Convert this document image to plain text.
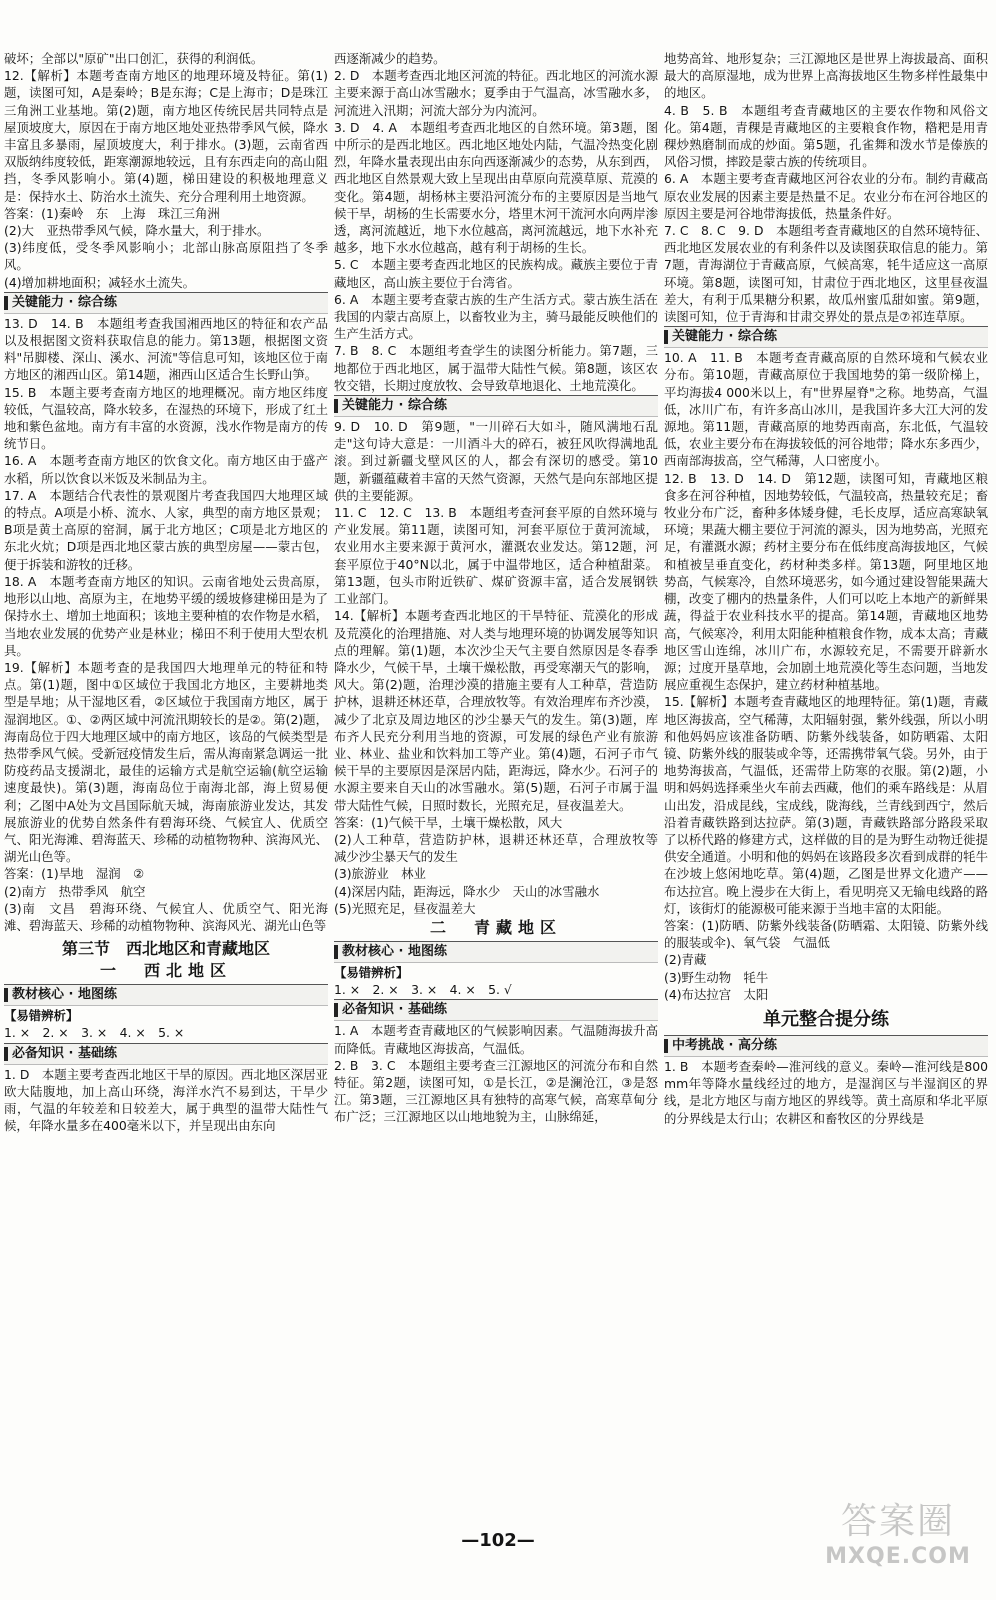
破坏；全部以"原矿"出口创汇，获得的利润低。

12.【解析】本题考查南方地区的地理环境及特征。第(1)题，读图可知，A是秦岭；B是东海；C是上海市；D是珠江三角洲工业基地。第(2)题，南方地区传统民居共同特点是屋顶坡度大，原因在于南方地区地处亚热带季风气候，降水丰富且多暴雨，屋顶坡度大，利于排水。(3)题，云南省西双版纳纬度较低，距寒潮源地较远，且有东西走向的高山阻挡，冬季风影响小。第(4)题，梯田建设的积极地理意义是：保持水土、防治水土流失、充分合理利用土地资源。

答案：(1)秦岭　东　上海　珠江三角洲

(2)大　亚热带季风气候，降水量大，利于排水。

(3)纬度低，受冬季风影响小；北部山脉高原阻挡了冬季风。

(4)增加耕地面积；减轻水土流失。

关键能力 · 综合练

13. D　14. B　本题组考查我国湘西地区的特征和农产品以及根据图文资料获取信息的能力。第13题，根据图文资料"吊脚楼、深山、溪水、河流"等信息可知，该地区位于南方地区的湘西山区。第14题，湘西山区适合生长野山笋。

15. B　本题主要考查南方地区的地理概况。南方地区纬度较低，气温较高，降水较多，在湿热的环境下，形成了红土地和紫色盆地。南方有丰富的水资源，浅水作物是南方的传统节日。

16. A　本题考查南方地区的饮食文化。南方地区由于盛产水稻，所以饮食以米饭及米制品为主。

17. A　本题结合代表性的景观图片考查我国四大地理区域的特点。A项是小桥、流水、人家，典型的南方地区景观；B项是黄土高原的窑洞，属于北方地区；C项是北方地区的东北火炕；D项是西北地区蒙古族的典型房屋——蒙古包，便于拆装和游牧的迁移。

18. A　本题考查南方地区的知识。云南省地处云贵高原，地形以山地、高原为主，在地势平缓的缓坡修建梯田是为了保持水土、增加土地面积；该地主要种植的农作物是水稻，当地农业发展的优势产业是林业；梯田不利于使用大型农机具。

19.【解析】本题考查的是我国四大地理单元的特征和特点。第(1)题，图中①区域位于我国北方地区，主要耕地类型是旱地；从干湿地区看，②区域位于我国南方地区，属于湿润地区。①、②两区域中河流汛期较长的是②。第(2)题，海南岛位于四大地理区域中的南方地区，该岛的气候类型是热带季风气候。受新冠疫情发生后，需从海南紧急调运一批防疫药品支援湖北，最佳的运输方式是航空运输(航空运输速度最快)。第(3)题，海南岛位于南海北部，海上贸易便利；乙图中A处为文昌国际航天城，海南旅游业发达，其发展旅游业的优势自然条件有碧海环绕、气候宜人、优质空气、阳光海滩、碧海蓝天、珍稀的动植物物种、滨海风光、湖光山色等。

答案：(1)旱地　湿润　②

(2)南方　热带季风　航空

(3)南　文昌　碧海环绕、气候宜人、优质空气、阳光海滩、碧海蓝天、珍稀的动植物物种、滨海风光、湖光山色等

第三节　西北地区和青藏地区
一　西北地区
教材核心 · 地图练
【易错辨析】

1. ×　2. ×　3. ×　4. ×　5. ×

必备知识 · 基础练

1. D　本题主要考查西北地区干旱的原因。西北地区深居亚欧大陆腹地，加上高山环绕，海洋水汽不易到达，干旱少雨，气温的年较差和日较差大，属于典型的温带大陆性气候，年降水量多在400毫米以下，并呈现出由东向

西逐渐减少的趋势。

2. D　本题考查西北地区河流的特征。西北地区的河流水源主要来源于高山冰雪融水；夏季由于气温高，冰雪融水多，河流进入汛期；河流大部分为内流河。

3. D　4. A　本题组考查西北地区的自然环境。第3题，图中所示的是西北地区。西北地区地处内陆，气温冷热变化剧烈，年降水量表现出由东向西逐渐减少的态势，从东到西，西北地区自然景观大致上呈现出由草原向荒漠草原、荒漠的变化。第4题，胡杨林主要沿河流分布的主要原因是当地气候干旱，胡杨的生长需要水分，塔里木河干流河水向两岸渗透，离河流越近，地下水位越高，离河流越远，地下水补充越多，地下水水位越高，越有利于胡杨的生长。

5. C　本题主要考查西北地区的民族构成。藏族主要位于青藏地区，高山族主要位于台湾省。

6. A　本题主要考查蒙古族的生产生活方式。蒙古族生活在我国的内蒙古高原上，以畜牧业为主，骑马最能反映他们的生产生活方式。

7. B　8. C　本题组考查学生的读图分析能力。第7题，三地都位于西北地区，属于温带大陆性气候。第8题，该区农牧交错，长期过度放牧、会导致草地退化、土地荒漠化。

关键能力 · 综合练

9. D　10. D　第9题，"一川碎石大如斗，随风满地石乱走"这句诗大意是：一川酒斗大的碎石，被狂风吹得满地乱滚。到过新疆戈壁风区的人，都会有深切的感受。第10题，新疆蕴藏着丰富的天然气资源，天然气是向东部地区提供的主要能源。

11. C　12. C　13. B　本题组考查河套平原的自然环境与产业发展。第11题，读图可知，河套平原位于黄河流域，农业用水主要来源于黄河水，灌溉农业发达。第12题，河套平原位于40°N以北，属于中温带地区，适合种植甜菜。第13题，包头市附近铁矿、煤矿资源丰富，适合发展钢铁工业部门。

14.【解析】本题考查西北地区的干旱特征、荒漠化的形成及荒漠化的治理措施、对人类与地理环境的协调发展等知识点的理解。第(1)题，本次沙尘天气主要自然原因是冬春季降水少，气候干旱，土壤干燥松散，再受寒潮天气的影响，风大。第(2)题，治理沙漠的措施主要有人工种草，营造防护林，退耕还林还草，合理放牧等。有效治理库布齐沙漠，减少了北京及周边地区的沙尘暴天气的发生。第(3)题，库布齐人民充分利用当地的资源，可发展的绿色产业有旅游业、林业、盐业和饮料加工等产业。第(4)题，石河子市气候干旱的主要原因是深居内陆，距海远，降水少。石河子的水源主要来自天山的冰雪融水。第(5)题，石河子市属于温带大陆性气候，日照时数长，光照充足，昼夜温差大。

答案：(1)气候干旱，土壤干燥松散，风大

(2)人工种草，营造防护林，退耕还林还草，合理放牧等　减少沙尘暴天气的发生

(3)旅游业　林业

(4)深居内陆，距海远，降水少　天山的冰雪融水

(5)光照充足，昼夜温差大

二　青藏地区
教材核心 · 地图练
【易错辨析】

1. ×　2. ×　3. ×　4. ×　5. √

必备知识 · 基础练

1. A　本题考查青藏地区的气候影响因素。气温随海拔升高而降低。青藏地区海拔高，气温低。

2. B　3. C　本题组主要考查三江源地区的河流分布和自然特征。第2题，读图可知，①是长江，②是澜沧江，③是怒江。第3题，三江源地区具有独特的高寒气候，高寒草甸分布广泛；三江源地区以山地地貌为主，山脉绵延，

地势高耸、地形复杂；三江源地区是世界上海拔最高、面积最大的高原湿地，成为世界上高海拔地区生物多样性最集中的地区。

4. B　5. B　本题组考查青藏地区的主要农作物和风俗文化。第4题，青稞是青藏地区的主要粮食作物，糌粑是用青稞炒熟磨制而成的炒面。第5题，孔雀舞和泼水节是傣族的风俗习惯，摔跤是蒙古族的传统项目。

6. A　本题主要考查青藏地区河谷农业的分布。制约青藏高原农业发展的因素主要是热量不足。农业分布在河谷地区的原因主要是河谷地带海拔低，热量条件好。

7. C　8. C　9. D　本题组考查青藏地区的自然环境特征、西北地区发展农业的有利条件以及读图获取信息的能力。第7题，青海湖位于青藏高原，气候高寒，牦牛适应这一高原环境。第8题，读图可知，甘肃位于西北地区，这里昼夜温差大，有利于瓜果糖分积累，故瓜州蜜瓜甜如蜜。第9题，读图可知，位于青海和甘肃交界处的景点是⑦祁连草原。

关键能力 · 综合练

10. A　11. B　本题考查青藏高原的自然环境和气候农业分布。第10题，青藏高原位于我国地势的第一级阶梯上，平均海拔4 000米以上，有"世界屋脊"之称。地势高，气温低，冰川广布，有许多高山冰川，是我国许多大江大河的发源地。第11题，青藏高原的地势西南高，东北低，气温较低，农业主要分布在海拔较低的河谷地带；降水东多西少，西南部海拔高，空气稀薄，人口密度小。

12. B　13. D　14. D　第12题，读图可知，青藏地区粮食多在河谷种植，因地势较低，气温较高，热量较充足；畜牧业分布广泛，畜种多体矮身健，毛长皮厚，适应高寒缺氧环境；果蔬大棚主要位于河流的源头，因为地势高，光照充足，有灌溉水源；药材主要分布在低纬度高海拔地区，气候和植被呈垂直变化，药材种类多样。第13题，阿里地区地势高，气候寒冷，自然环境恶劣，如今通过建设智能果蔬大棚，改变了棚内的热量条件，人们可以吃上本地产的新鲜果蔬，得益于农业科技水平的提高。第14题，青藏地区地势高，气候寒冷，利用太阳能种植粮食作物，成本太高；青藏地区雪山连绵，冰川广布，水源较充足，不需要开辟新水源；过度开垦草地，会加剧土地荒漠化等生态问题，当地发展应重视生态保护，建立药材种植基地。

15.【解析】本题考查青藏地区的地理特征。第(1)题，青藏地区海拔高，空气稀薄，太阳辐射强，紫外线强，所以小明和他妈妈应该准备防晒、防紫外线装备，如防晒霜、太阳镜、防紫外线的服装或伞等，还需携带氧气袋。另外，由于地势海拔高，气温低，还需带上防寒的衣服。第(2)题，小明和妈妈选择乘坐火车前去西藏，他们的乘车路线是：从眉山出发，沿成昆线，宝成线，陇海线，兰青线到西宁，然后沿着青藏铁路到达拉萨。第(3)题，青藏铁路部分路段采取了以桥代路的修建方式，这样做的目的是为野生动物迁徙提供安全通道。小明和他的妈妈在该路段多次看到成群的牦牛在沙坡上悠闲地吃草。第(4)题，乙图是世界文化遗产——布达拉宫。晚上漫步在大街上，看见明亮又无输电线路的路灯，该街灯的能源极可能来源于当地丰富的太阳能。

答案：(1)防晒、防紫外线装备(防晒霜、太阳镜、防紫外线的服装或伞)、氧气袋　气温低

(2)青藏

(3)野生动物　牦牛

(4)布达拉宫　太阳

单元整合提分练
中考挑战 · 高分练

1. B　本题考查秦岭—淮河线的意义。秦岭—淮河线是800 mm年等降水量线经过的地方，是湿润区与半湿润区的界线，是北方地区与南方地区的界线等。黄土高原和华北平原的分界线是太行山；农耕区和畜牧区的分界线是

—102—	答案圈
MXQE.COM
